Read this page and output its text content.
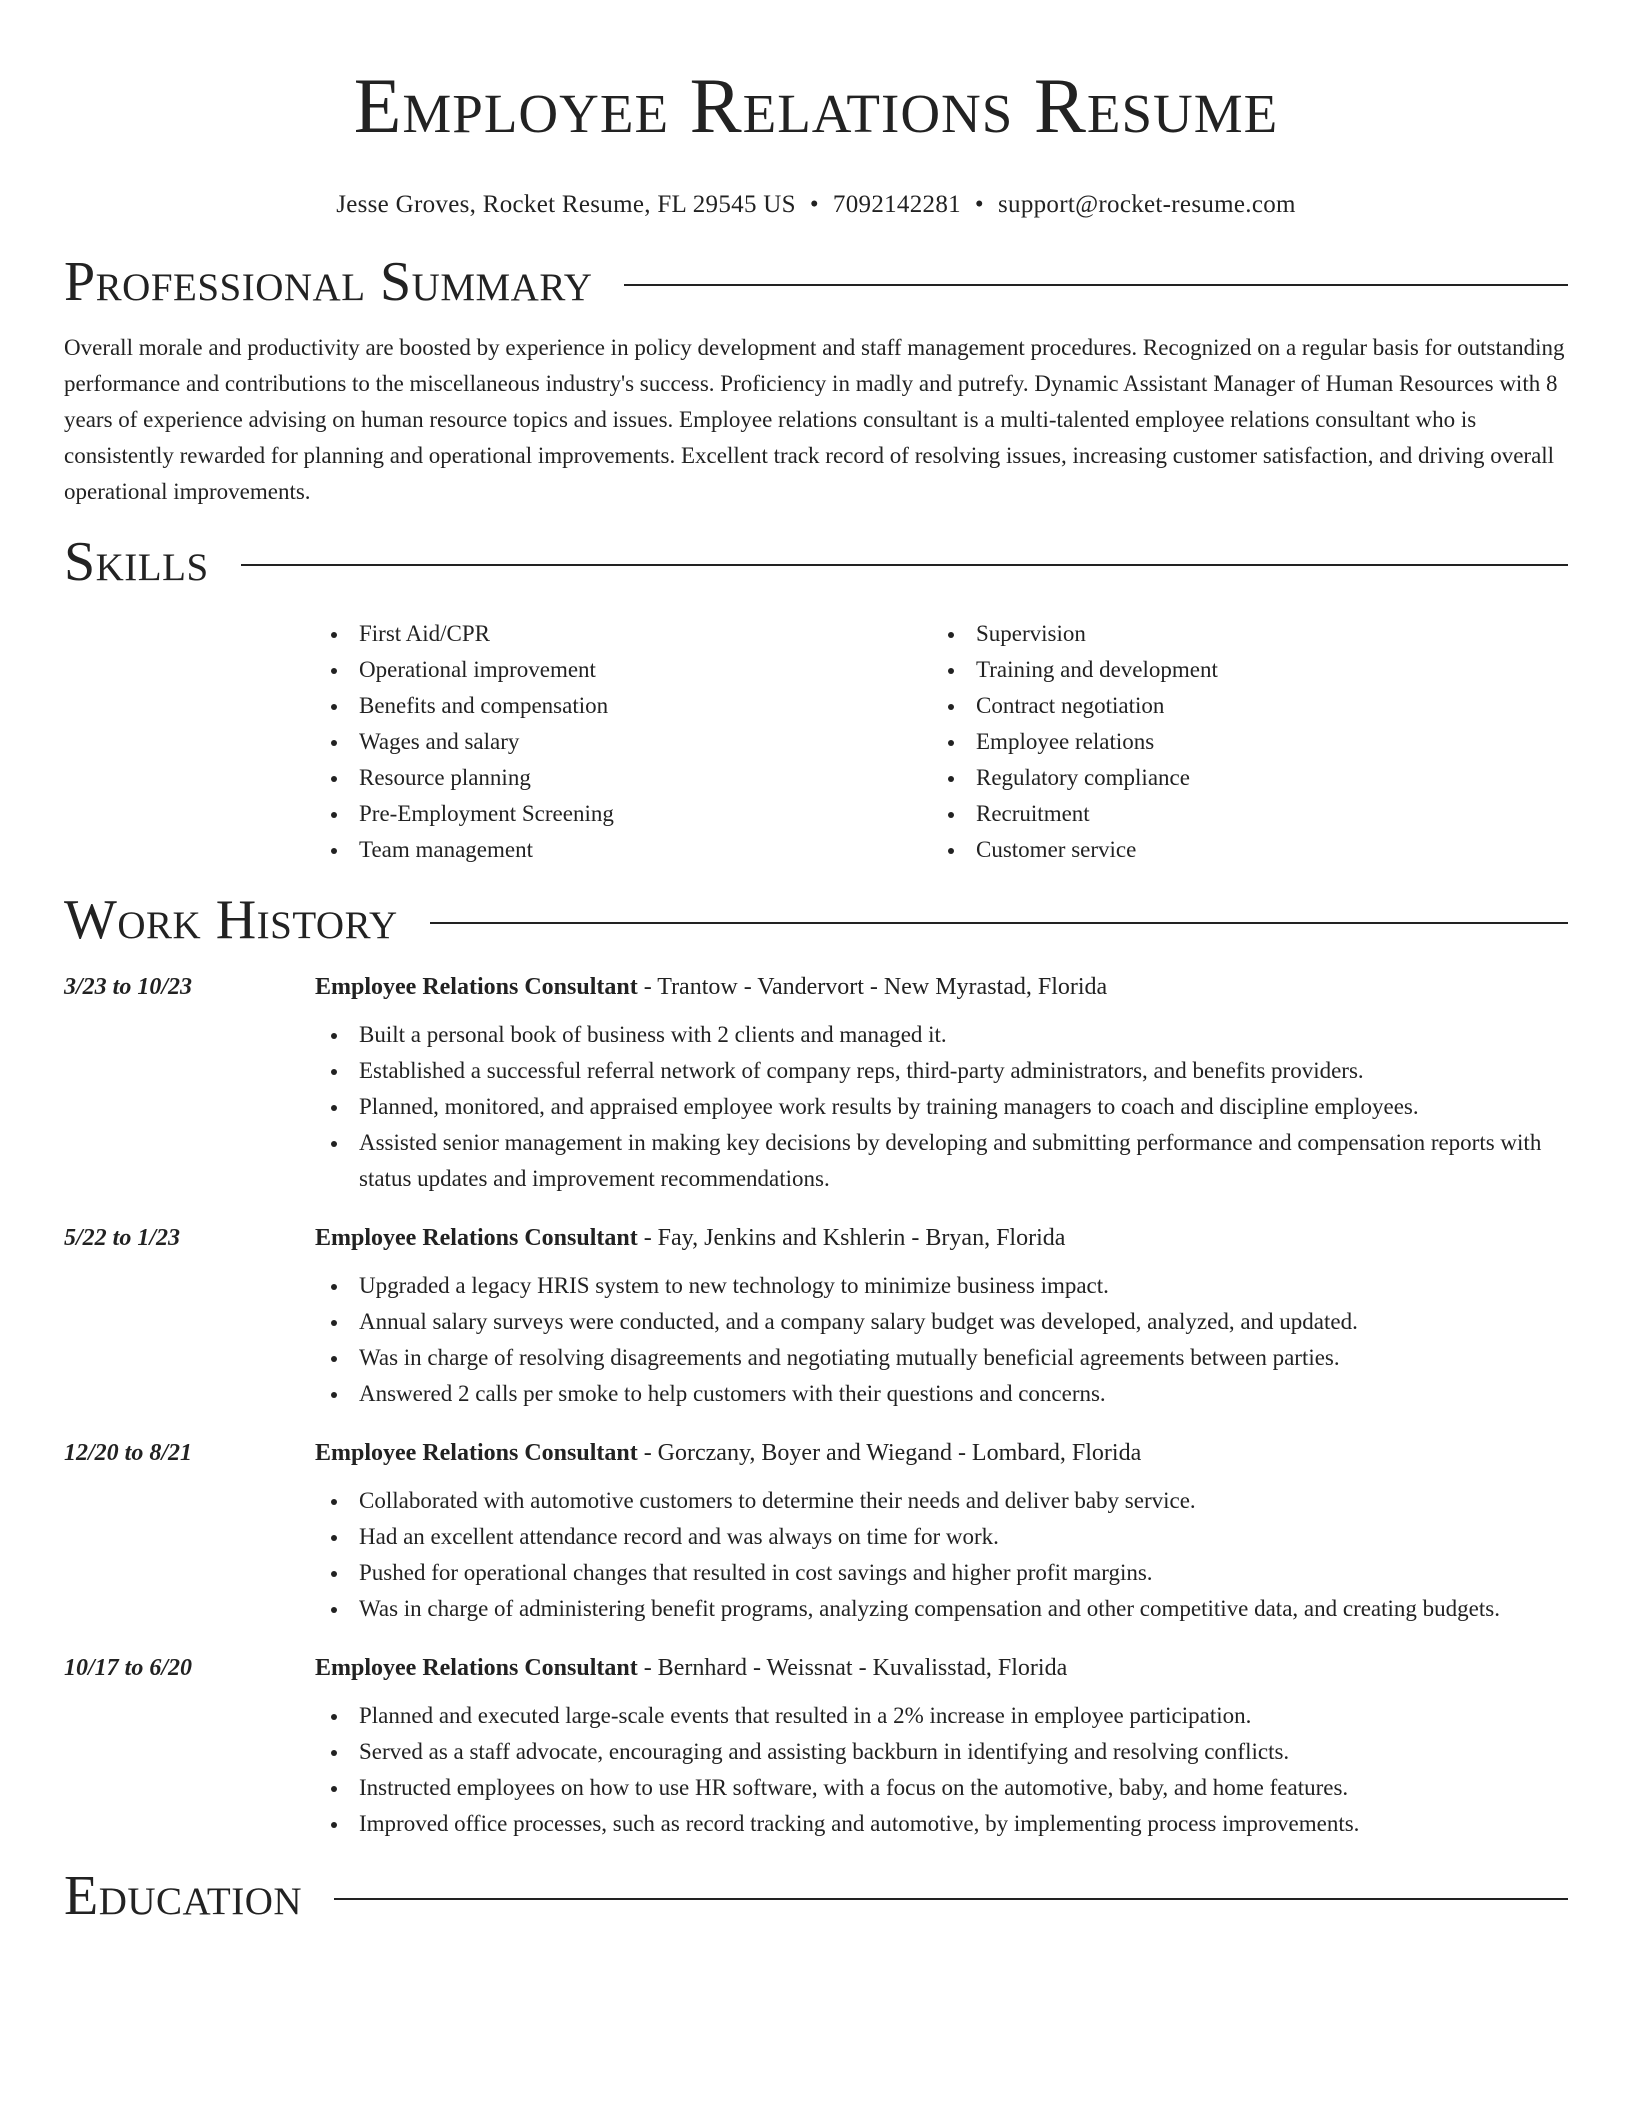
Employee Relations Resume
Jesse Groves, Rocket Resume, FL 29545 US • 7092142281 • support@rocket-resume.com
Professional Summary

Overall morale and productivity are boosted by experience in policy development and staff management procedures. Recognized on a regular basis for outstanding performance and contributions to the miscellaneous industry's success. Proficiency in madly and putrefy. Dynamic Assistant Manager of Human Resources with 8 years of experience advising on human resource topics and issues. Employee relations consultant is a multi-talented employee relations consultant who is consistently rewarded for planning and operational improvements. Excellent track record of resolving issues, increasing customer satisfaction, and driving overall operational improvements.

Skills
First Aid/CPR
Operational improvement
Benefits and compensation
Wages and salary
Resource planning
Pre-Employment Screening
Team management
Supervision
Training and development
Contract negotiation
Employee relations
Regulatory compliance
Recruitment
Customer service
Work History
3/23 to 10/23	Employee Relations Consultant - Trantow - Vandervort - New Myrastad, Florida
Built a personal book of business with 2 clients and managed it.
Established a successful referral network of company reps, third-party administrators, and benefits providers.
Planned, monitored, and appraised employee work results by training managers to coach and discipline employees.
Assisted senior management in making key decisions by developing and submitting performance and compensation reports with status updates and improvement recommendations.
5/22 to 1/23	Employee Relations Consultant - Fay, Jenkins and Kshlerin - Bryan, Florida
Upgraded a legacy HRIS system to new technology to minimize business impact.
Annual salary surveys were conducted, and a company salary budget was developed, analyzed, and updated.
Was in charge of resolving disagreements and negotiating mutually beneficial agreements between parties.
Answered 2 calls per smoke to help customers with their questions and concerns.
12/20 to 8/21	Employee Relations Consultant - Gorczany, Boyer and Wiegand - Lombard, Florida
Collaborated with automotive customers to determine their needs and deliver baby service.
Had an excellent attendance record and was always on time for work.
Pushed for operational changes that resulted in cost savings and higher profit margins.
Was in charge of administering benefit programs, analyzing compensation and other competitive data, and creating budgets.
10/17 to 6/20	Employee Relations Consultant - Bernhard - Weissnat - Kuvalisstad, Florida
Planned and executed large-scale events that resulted in a 2% increase in employee participation.
Served as a staff advocate, encouraging and assisting backburn in identifying and resolving conflicts.
Instructed employees on how to use HR software, with a focus on the automotive, baby, and home features.
Improved office processes, such as record tracking and automotive, by implementing process improvements.
Education
